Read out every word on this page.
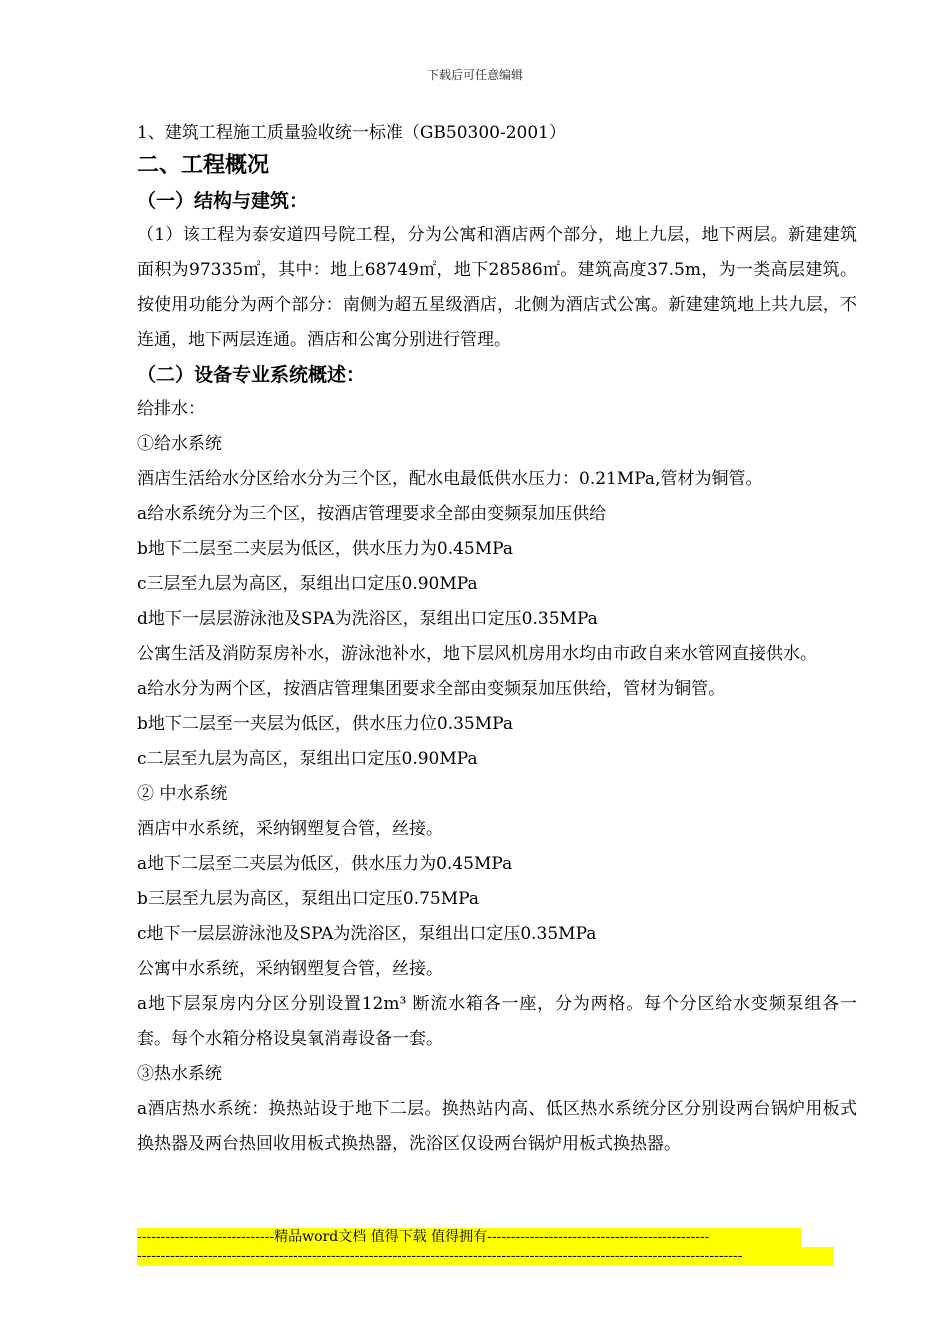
下载后可任意编辑
1、建筑工程施工质量验收统一标准（GB50300-2001）
二、工程概况
（一）结构与建筑：
（1）该工程为泰安道四号院工程，分为公寓和酒店两个部分，地上九层，地下两层。新建建筑面积为97335㎡，其中：地上68749㎡，地下28586㎡。建筑高度37.5m，为一类高层建筑。按使用功能分为两个部分：南侧为超五星级酒店，北侧为酒店式公寓。新建建筑地上共九层，不连通，地下两层连通。酒店和公寓分别进行管理。
（二）设备专业系统概述：
给排水：
①给水系统
酒店生活给水分区给水分为三个区，配水电最低供水压力：0.21MPa,管材为铜管。
a给水系统分为三个区，按酒店管理要求全部由变频泵加压供给
b地下二层至二夹层为低区，供水压力为0.45MPa
c三层至九层为高区，泵组出口定压0.90MPa
d地下一层层游泳池及SPA为洗浴区，泵组出口定压0.35MPa
公寓生活及消防泵房补水，游泳池补水，地下层风机房用水均由市政自来水管网直接供水。
a给水分为两个区，按酒店管理集团要求全部由变频泵加压供给，管材为铜管。
b地下二层至一夹层为低区，供水压力位0.35MPa
c二层至九层为高区，泵组出口定压0.90MPa
② 中水系统
酒店中水系统，采纳钢塑复合管，丝接。
a地下二层至二夹层为低区，供水压力为0.45MPa
b三层至九层为高区，泵组出口定压0.75MPa
c地下一层层游泳池及SPA为洗浴区，泵组出口定压0.35MPa
公寓中水系统，采纳钢塑复合管，丝接。
a地下层泵房内分区分别设置12m³ 断流水箱各一座，分为两格。每个分区给水变频泵组各一套。每个水箱分格设臭氧消毒设备一套。
③热水系统
a酒店热水系统：换热站设于地下二层。换热站内高、低区热水系统分区分别设两台锅炉用板式换热器及两台热回收用板式换热器，洗浴区仅设两台锅炉用板式换热器。
-----------------------------精品word文档 值得下载 值得拥有-----------------------------------------------
--------------------------------------------------------------------------------------------------------------------------------
